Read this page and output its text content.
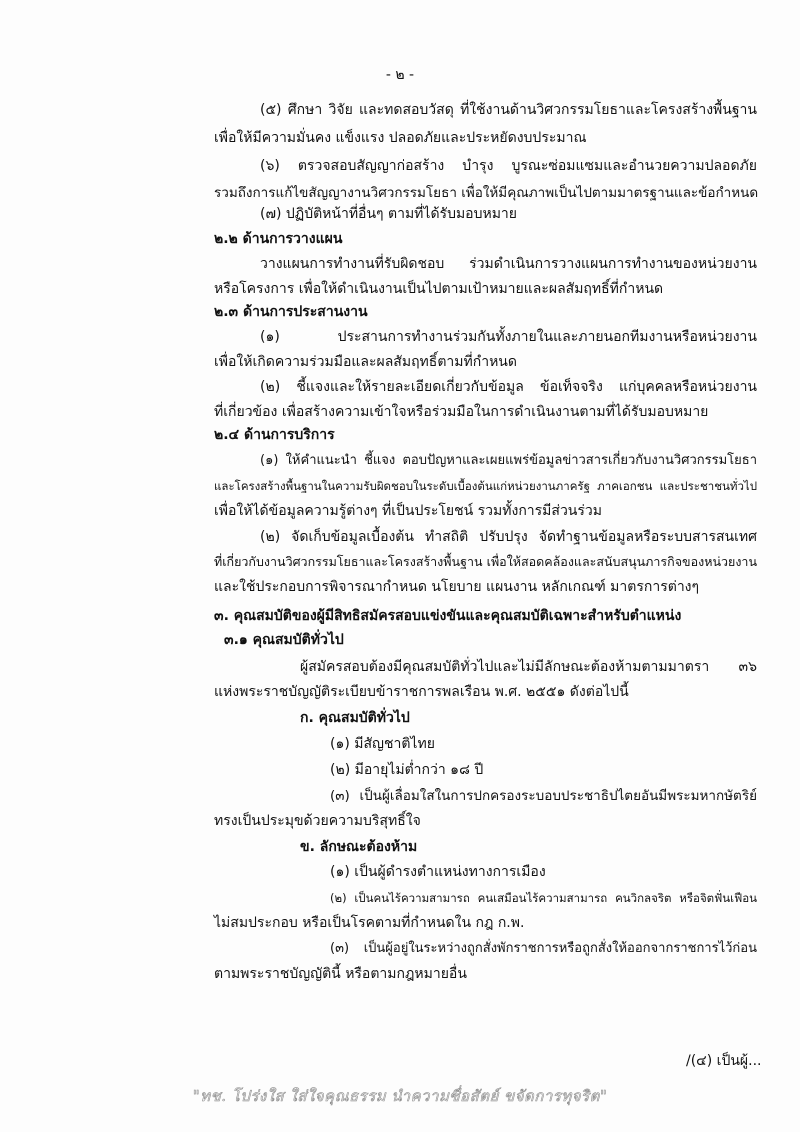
- ๒ -
(๕) ศึกษา วิจัย และทดสอบวัสดุ ที่ใช้งานด้านวิศวกรรมโยธาและโครงสร้างพื้นฐาน
เพื่อให้มีความมั่นคง แข็งแรง ปลอดภัยและประหยัดงบประมาณ
(๖) ตรวจสอบสัญญาก่อสร้าง บำรุง บูรณะซ่อมแซมและอำนวยความปลอดภัย
รวมถึงการแก้ไขสัญญางานวิศวกรรมโยธา เพื่อให้มีคุณภาพเป็นไปตามมาตรฐานและข้อกำหนด
(๗) ปฏิบัติหน้าที่อื่นๆ ตามที่ได้รับมอบหมาย
๒.๒ ด้านการวางแผน
วางแผนการทำงานที่รับผิดชอบ ร่วมดำเนินการวางแผนการทำงานของหน่วยงาน
หรือโครงการ เพื่อให้ดำเนินงานเป็นไปตามเป้าหมายและผลสัมฤทธิ์ที่กำหนด
๒.๓ ด้านการประสานงาน
(๑) ประสานการทำงานร่วมกันทั้งภายในและภายนอกทีมงานหรือหน่วยงาน
เพื่อให้เกิดความร่วมมือและผลสัมฤทธิ์ตามที่กำหนด
(๒) ชี้แจงและให้รายละเอียดเกี่ยวกับข้อมูล ข้อเท็จจริง แก่บุคคลหรือหน่วยงาน
ที่เกี่ยวข้อง เพื่อสร้างความเข้าใจหรือร่วมมือในการดำเนินงานตามที่ได้รับมอบหมาย
๒.๔ ด้านการบริการ
(๑) ให้คำแนะนำ ชี้แจง ตอบปัญหาและเผยแพร่ข้อมูลข่าวสารเกี่ยวกับงานวิศวกรรมโยธา
และโครงสร้างพื้นฐานในความรับผิดชอบในระดับเบื้องต้นแก่หน่วยงานภาครัฐ ภาคเอกชน และประชาชนทั่วไป
เพื่อให้ได้ข้อมูลความรู้ต่างๆ ที่เป็นประโยชน์ รวมทั้งการมีส่วนร่วม
(๒) จัดเก็บข้อมูลเบื้องต้น ทำสถิติ ปรับปรุง จัดทำฐานข้อมูลหรือระบบสารสนเทศ
ที่เกี่ยวกับงานวิศวกรรมโยธาและโครงสร้างพื้นฐาน เพื่อให้สอดคล้องและสนับสนุนภารกิจของหน่วยงาน
และใช้ประกอบการพิจารณากำหนด นโยบาย แผนงาน หลักเกณฑ์ มาตรการต่างๆ
๓. คุณสมบัติของผู้มีสิทธิสมัครสอบแข่งขันและคุณสมบัติเฉพาะสำหรับตำแหน่ง
๓.๑ คุณสมบัติทั่วไป
ผู้สมัครสอบต้องมีคุณสมบัติทั่วไปและไม่มีลักษณะต้องห้ามตามมาตรา ๓๖
แห่งพระราชบัญญัติระเบียบข้าราชการพลเรือน พ.ศ. ๒๕๕๑ ดังต่อไปนี้
ก. คุณสมบัติทั่วไป
(๑) มีสัญชาติไทย
(๒) มีอายุไม่ต่ำกว่า ๑๘ ปี
(๓) เป็นผู้เลื่อมใสในการปกครองระบอบประชาธิปไตยอันมีพระมหากษัตริย์
ทรงเป็นประมุขด้วยความบริสุทธิ์ใจ
ข. ลักษณะต้องห้าม
(๑) เป็นผู้ดำรงตำแหน่งทางการเมือง
(๒) เป็นคนไร้ความสามารถ คนเสมือนไร้ความสามารถ คนวิกลจริต หรือจิตฟั่นเฟือน
ไม่สมประกอบ หรือเป็นโรคตามที่กำหนดใน กฎ ก.พ.
(๓) เป็นผู้อยู่ในระหว่างถูกสั่งพักราชการหรือถูกสั่งให้ออกจากราชการไว้ก่อน
ตามพระราชบัญญัตินี้ หรือตามกฎหมายอื่น
/(๔) เป็นผู้...
"ทช. โปร่งใส ใส่ใจคุณธรรม นำความซื่อสัตย์ ขจัดการทุจริต"
